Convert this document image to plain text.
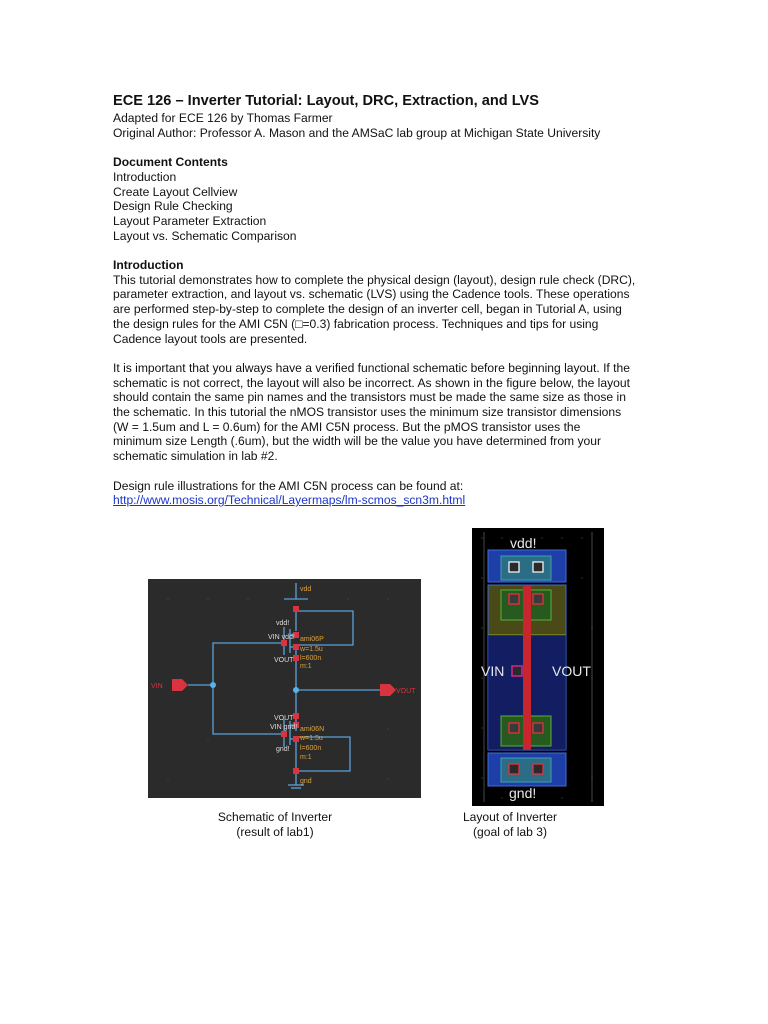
ECE 126 – Inverter Tutorial: Layout, DRC, Extraction, and LVS
Adapted for ECE 126 by Thomas Farmer
Original Author: Professor A. Mason and the AMSaC lab group at Michigan State University
Document Contents
Introduction
Create Layout Cellview
Design Rule Checking
Layout Parameter Extraction
Layout vs. Schematic Comparison
Introduction
This tutorial demonstrates how to complete the physical design (layout), design rule check (DRC),
parameter extraction, and layout vs. schematic (LVS) using the Cadence tools. These operations
are performed step-by-step to complete the design of an inverter cell, began in Tutorial A, using
the design rules for the AMI C5N (□=0.3) fabrication process. Techniques and tips for using
Cadence layout tools are presented.
It is important that you always have a verified functional schematic before beginning layout. If the
schematic is not correct, the layout will also be incorrect. As shown in the figure below, the layout
should contain the same pin names and the transistors must be made the same size as those in
the schematic. In this tutorial the nMOS transistor uses the minimum size transistor dimensions
(W = 1.5um and L = 0.6um) for the AMI C5N process. But the pMOS transistor uses the
minimum size Length (.6um), but the width will be the value you have determined from your
schematic simulation in lab #2.
Design rule illustrations for the AMI C5N process can be found at:
http://www.mosis.org/Technical/Layermaps/lm-scmos_scn3m.html
vdd
vdd!
VIN vdd! ami06P
w=1.5u
l=600n
m:1
VOUT
VIN
VOUT
VOUT
VIN gnd! ami06N
w=1.5u
l=600n
gnd!
m:1
gnd
vdd!
gnd!
VIN	VOUT
Schematic of Inverter
(result of lab1)
Layout of Inverter
(goal of lab 3)
